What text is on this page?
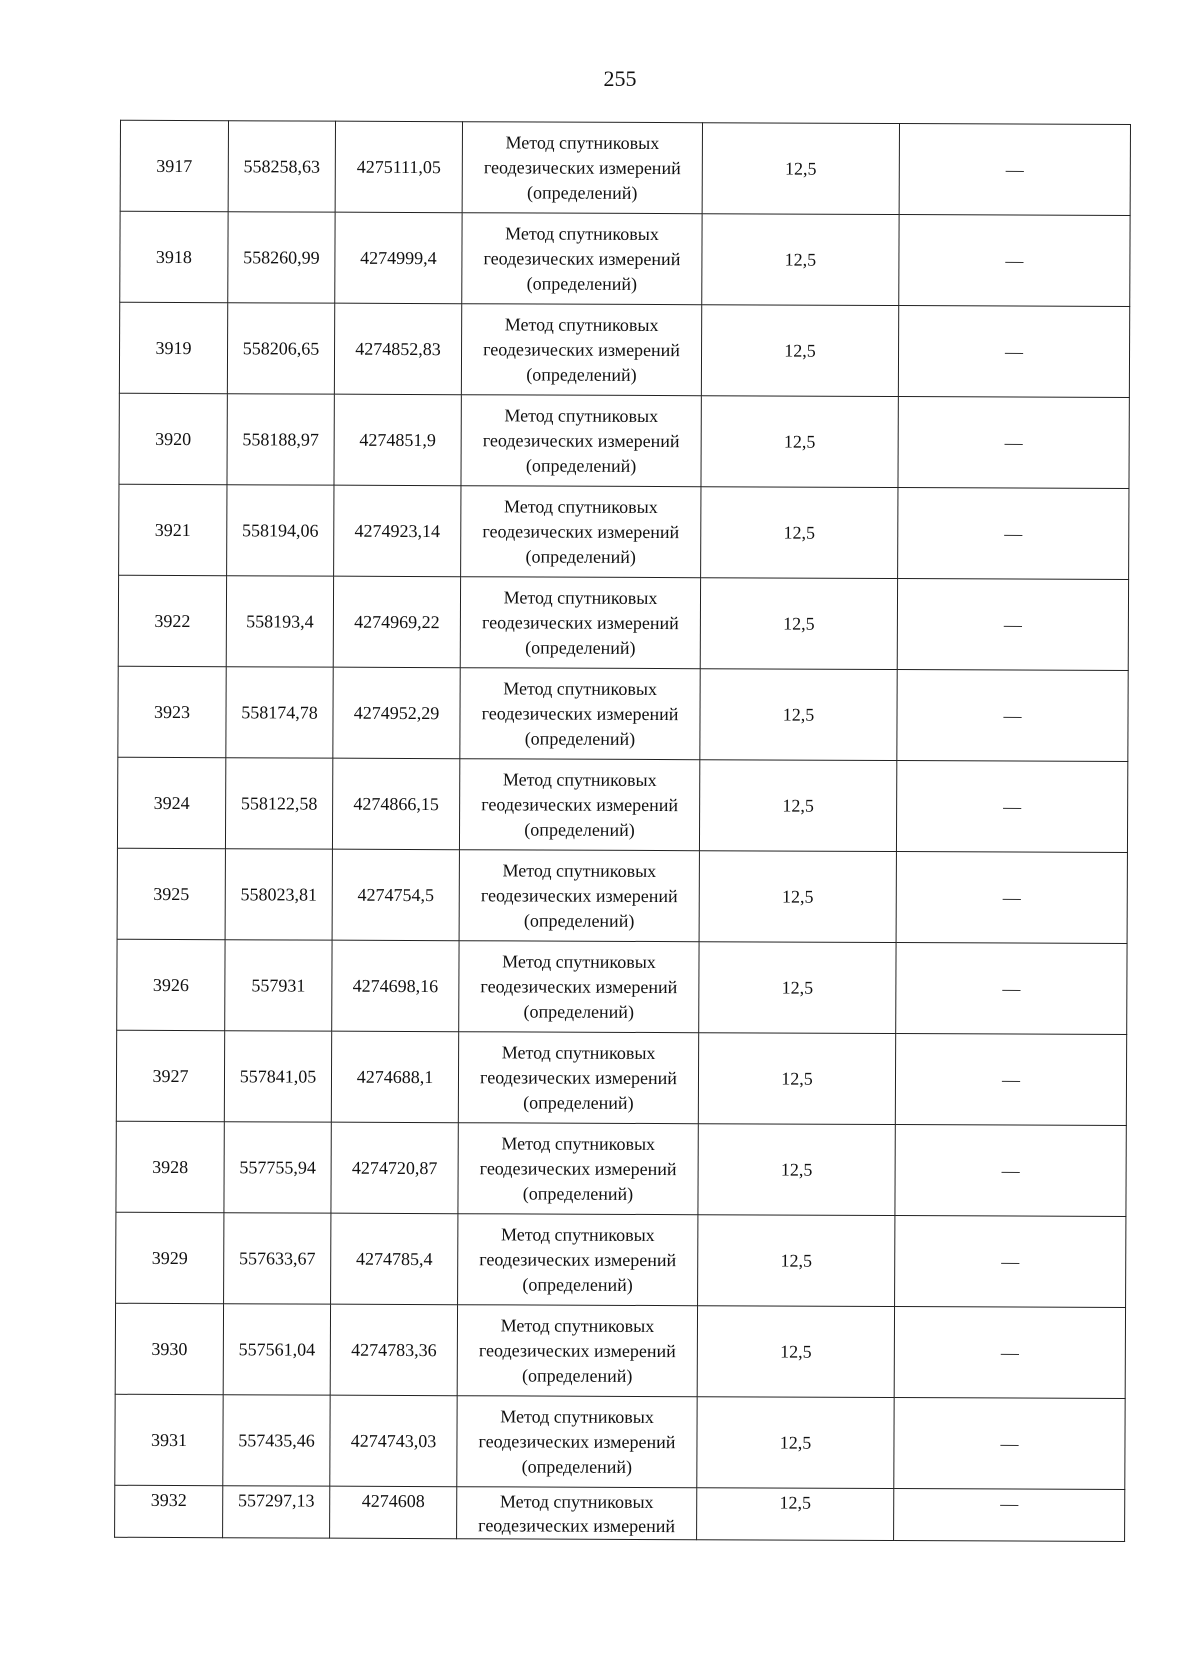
255
3917	558258,63	4275111,05	Метод спутниковых
геодезических измерений
(определений)	12,5	—
3918	558260,99	4274999,4	Метод спутниковых
геодезических измерений
(определений)	12,5	—
3919	558206,65	4274852,83	Метод спутниковых
геодезических измерений
(определений)	12,5	—
3920	558188,97	4274851,9	Метод спутниковых
геодезических измерений
(определений)	12,5	—
3921	558194,06	4274923,14	Метод спутниковых
геодезических измерений
(определений)	12,5	—
3922	558193,4	4274969,22	Метод спутниковых
геодезических измерений
(определений)	12,5	—
3923	558174,78	4274952,29	Метод спутниковых
геодезических измерений
(определений)	12,5	—
3924	558122,58	4274866,15	Метод спутниковых
геодезических измерений
(определений)	12,5	—
3925	558023,81	4274754,5	Метод спутниковых
геодезических измерений
(определений)	12,5	—
3926	557931	4274698,16	Метод спутниковых
геодезических измерений
(определений)	12,5	—
3927	557841,05	4274688,1	Метод спутниковых
геодезических измерений
(определений)	12,5	—
3928	557755,94	4274720,87	Метод спутниковых
геодезических измерений
(определений)	12,5	—
3929	557633,67	4274785,4	Метод спутниковых
геодезических измерений
(определений)	12,5	—
3930	557561,04	4274783,36	Метод спутниковых
геодезических измерений
(определений)	12,5	—
3931	557435,46	4274743,03	Метод спутниковых
геодезических измерений
(определений)	12,5	—
3932	557297,13	4274608	Метод спутниковых
геодезических измерений	12,5	—
